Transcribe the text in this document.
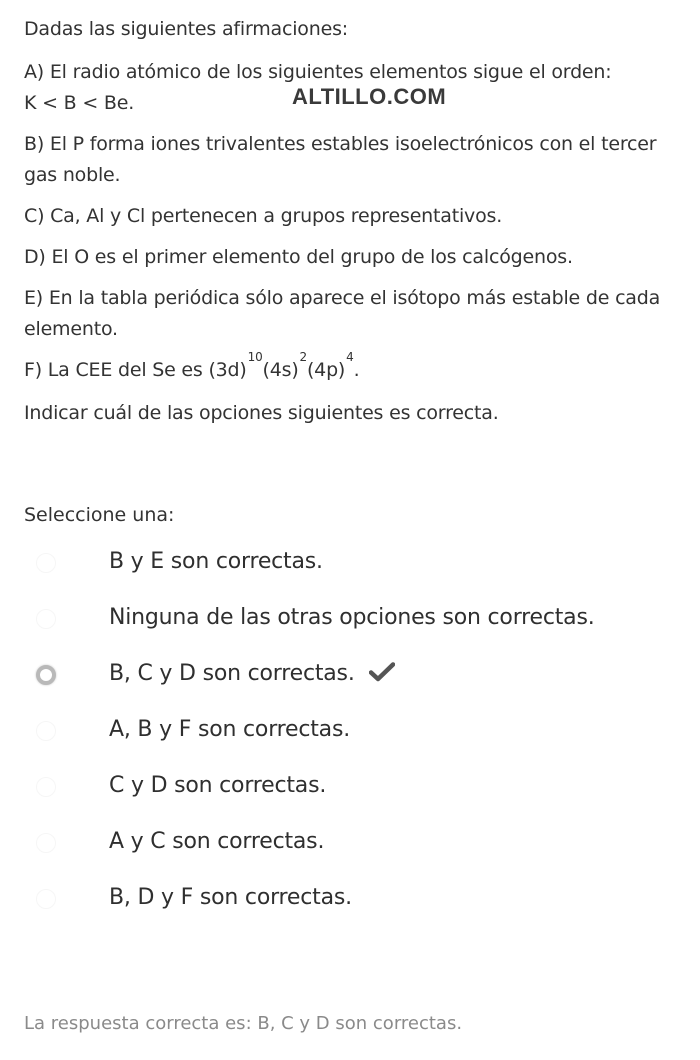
Dadas las siguientes afirmaciones:

A) El radio atómico de los siguientes elementos sigue el orden:
K < B < Be.

B) El P forma iones trivalentes estables isoelectrónicos con el tercer gas noble.

C) Ca, Al y Cl pertenecen a grupos representativos.

D) El O es el primer elemento del grupo de los calcógenos.

E) En la tabla periódica sólo aparece el isótopo más estable de cada elemento.

F) La CEE del Se es $(3d)^{10}(4s)^2(4p)^4$.

Indicar cuál de las opciones siguientes es correcta.

ALTILLO.COM
Seleccione una:
B y E son correctas.
Ninguna de las otras opciones son correctas.
B, C y D son correctas.
A, B y F son correctas.
C y D son correctas.
A y C son correctas.
B, D y F son correctas.
La respuesta correcta es: B, C y D son correctas.
